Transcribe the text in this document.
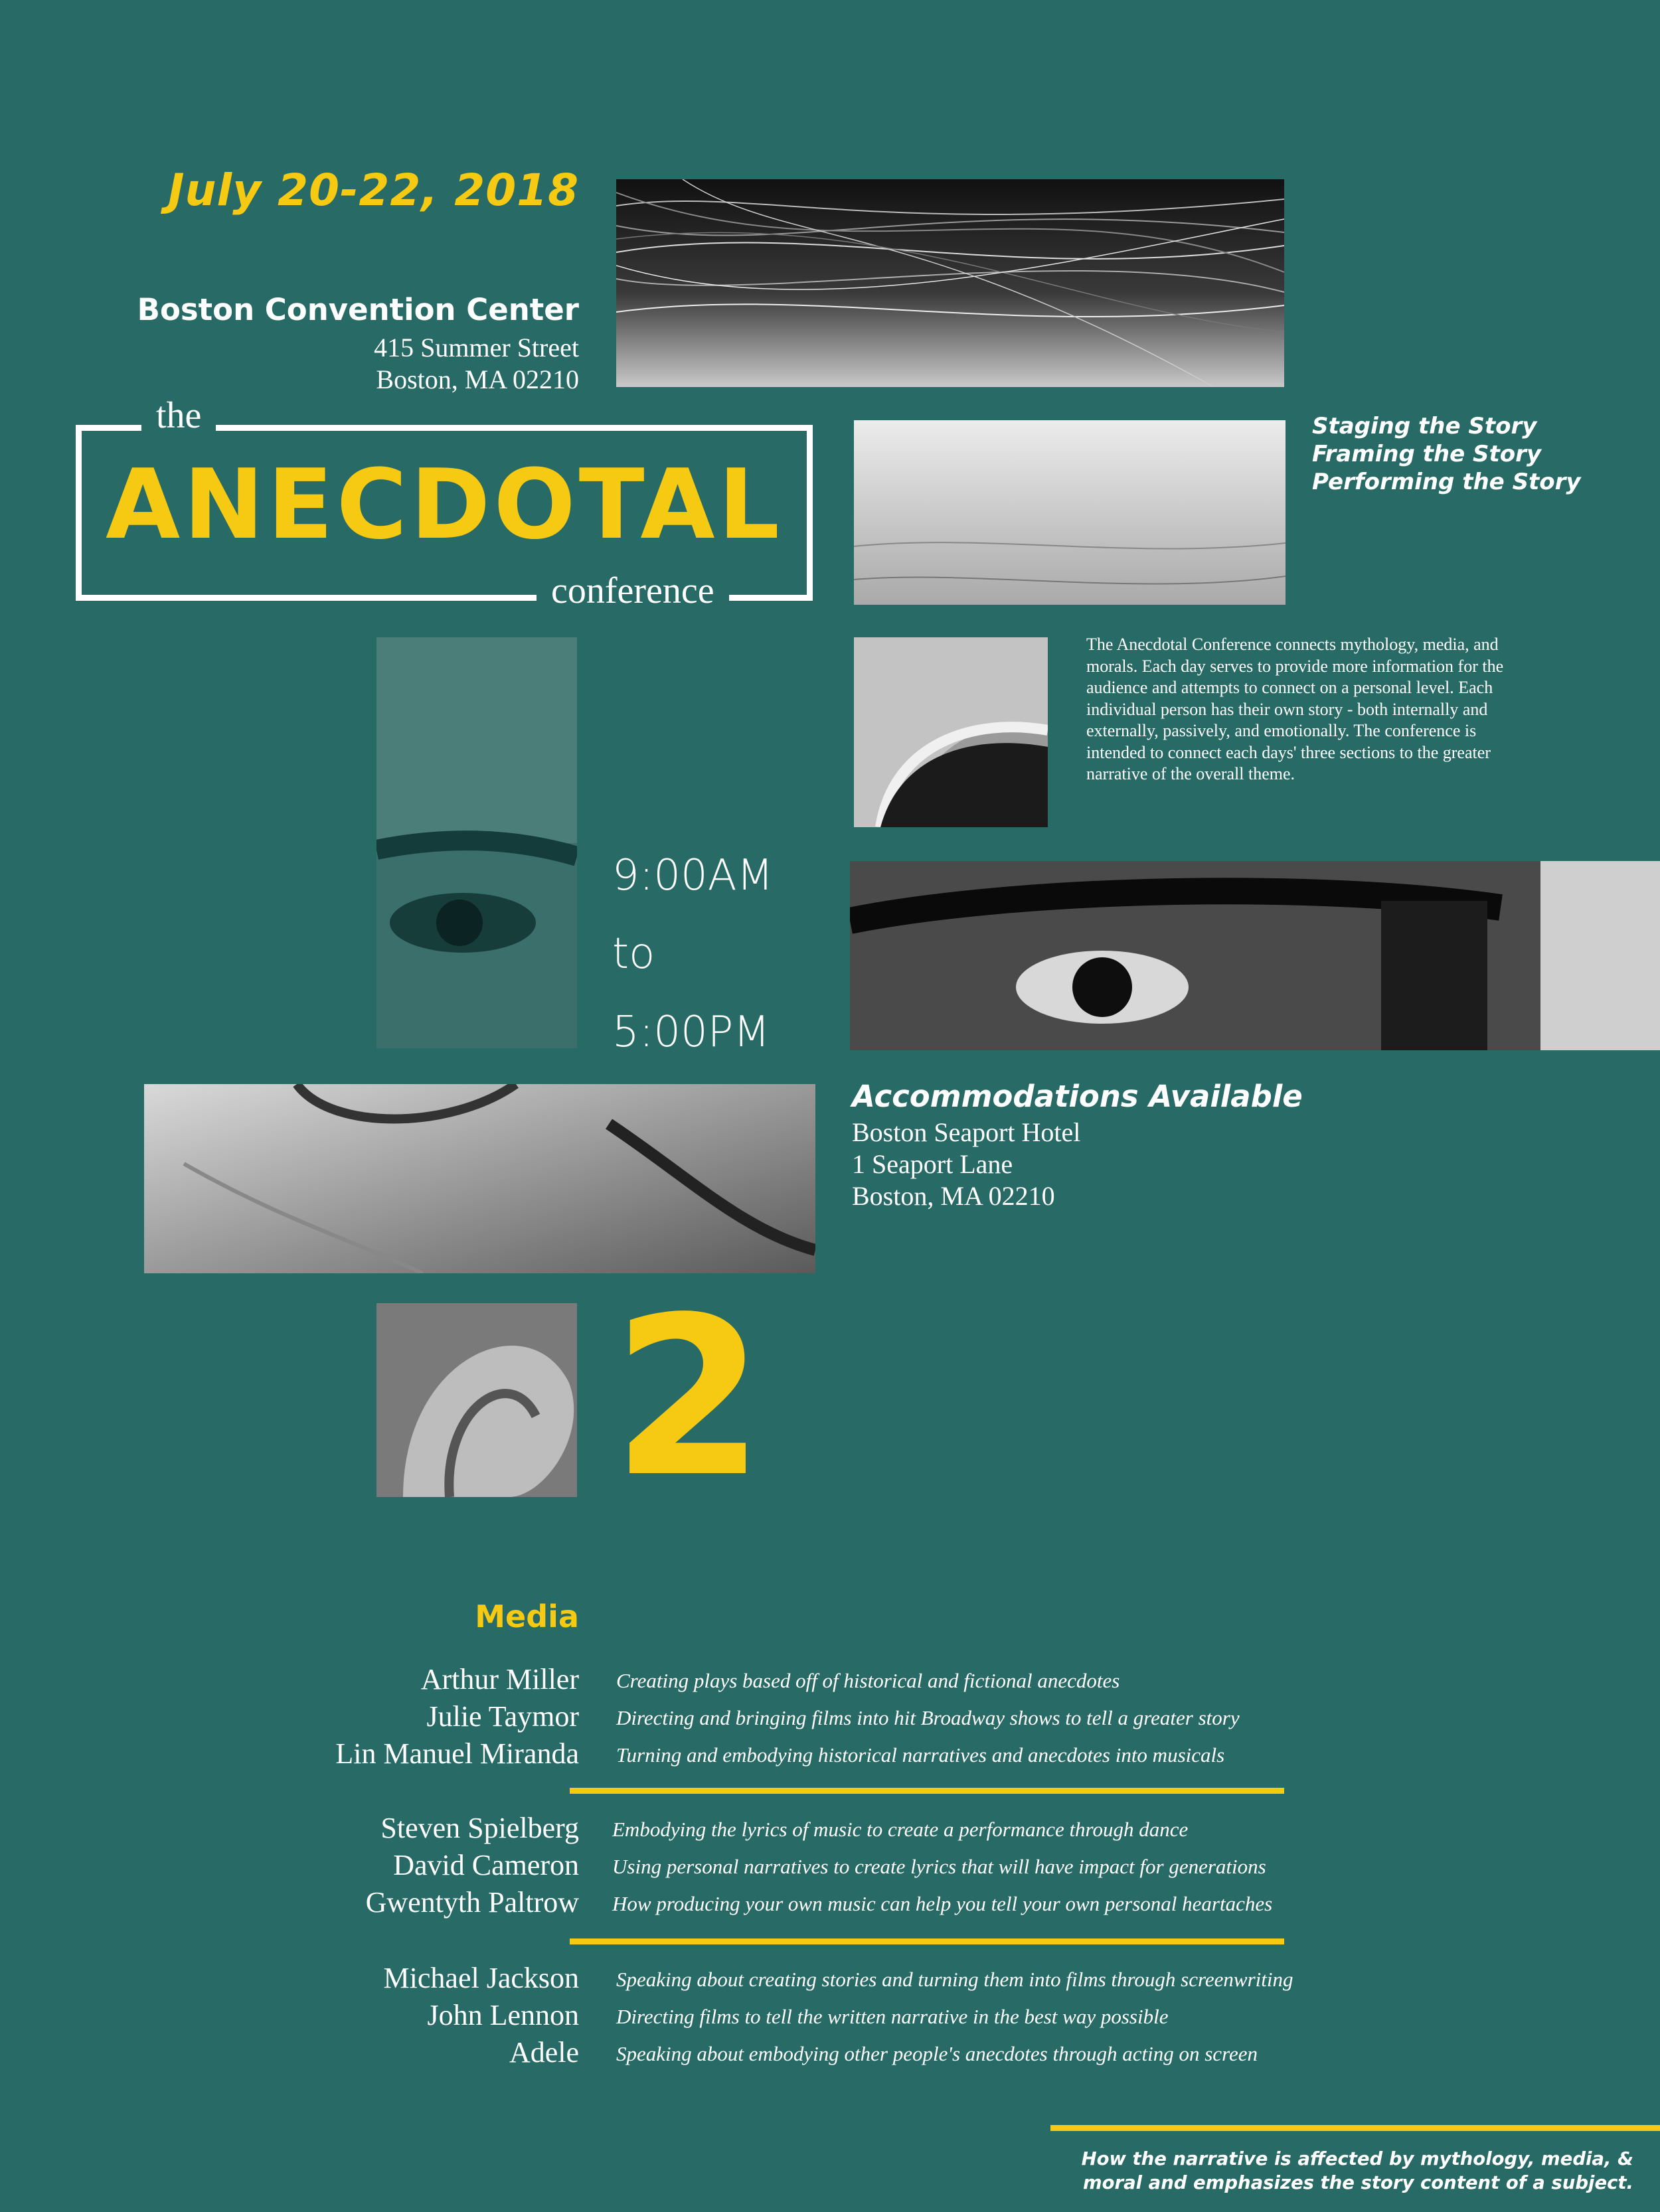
July 20-22, 2018
Boston Convention Center
415 Summer Street
Boston, MA 02210
the
ANECDOTAL
conference
Staging the Story
Framing the Story
Performing the Story
The Anecdotal Conference connects mythology, media, and morals. Each day serves to provide more information for the audience and attempts to connect on a personal level. Each individual person has their own story - both internally and externally, passively, and emotionally. The conference is intended to connect each days' three sections to the greater narrative of the overall theme.
9:00AM
to
5:00PM
Accommodations Available
Boston Seaport Hotel
1 Seaport Lane
Boston, MA 02210
2
Media
Arthur Miller Creating plays based off of historical and fictional anecdotes
Julie Taymor Directing and bringing films into hit Broadway shows to tell a greater story
Lin Manuel Miranda Turning and embodying historical narratives and anecdotes into musicals
Steven Spielberg Embodying the lyrics of music to create a performance through dance
David Cameron Using personal narratives to create lyrics that will have impact for generations
Gwentyth Paltrow How producing your own music can help you tell your own personal heartaches
Michael Jackson Speaking about creating stories and turning them into films through screenwriting
John Lennon Directing films to tell the written narrative in the best way possible
Adele Speaking about embodying other people's anecdotes through acting on screen
How the narrative is affected by mythology, media, &
moral and emphasizes the story content of a subject.
